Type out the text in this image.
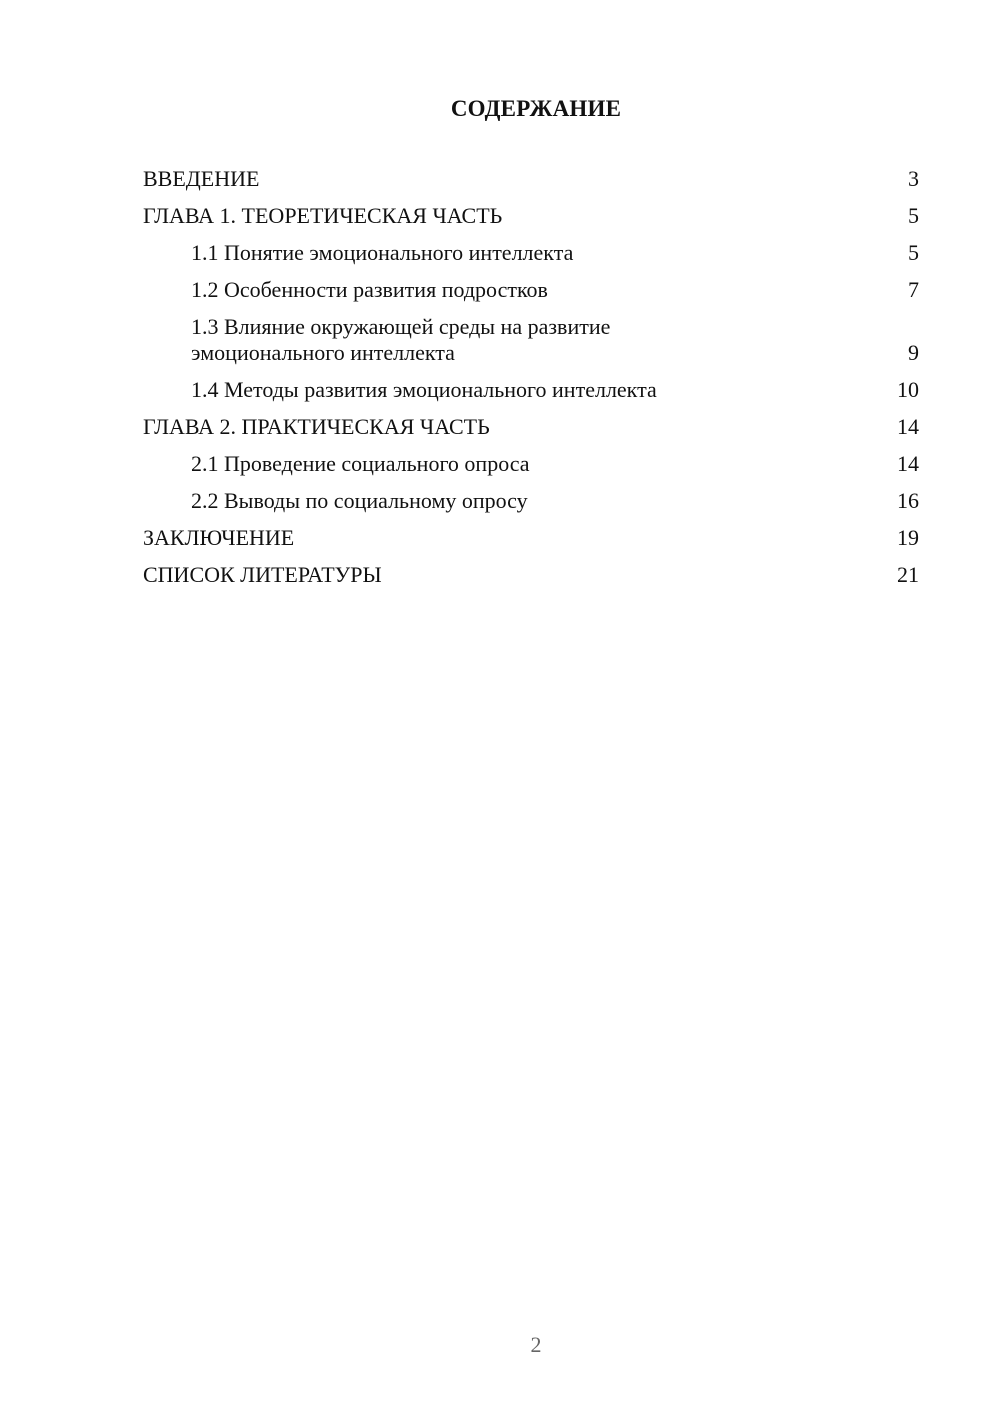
СОДЕРЖАНИЕ
ВВЕДЕНИЕ	3
ГЛАВА 1. ТЕОРЕТИЧЕСКАЯ ЧАСТЬ	5
1.1 Понятие эмоционального интеллекта	5
1.2 Особенности развития подростков	7
1.3 Влияние окружающей среды на развитие
эмоционального интеллекта	9
1.4 Методы развития эмоционального интеллекта	10
ГЛАВА 2. ПРАКТИЧЕСКАЯ ЧАСТЬ	14
2.1 Проведение социального опроса	14
2.2 Выводы по социальному опросу	16
ЗАКЛЮЧЕНИЕ	19
СПИСОК ЛИТЕРАТУРЫ	21
2
